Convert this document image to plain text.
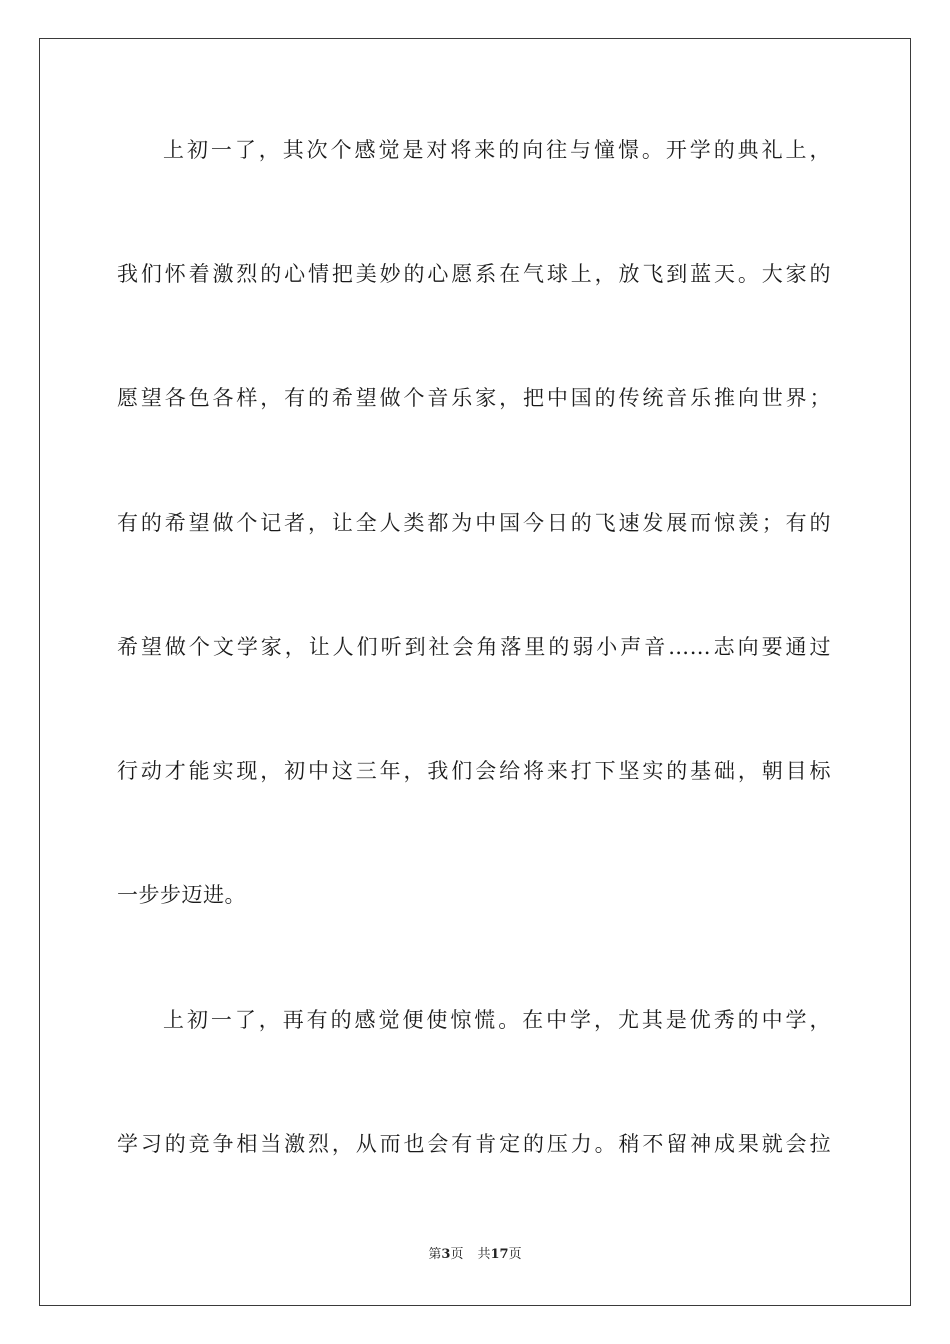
上初一了，其次个感觉是对将来的向往与憧憬。开学的典礼上，
我们怀着激烈的心情把美妙的心愿系在气球上，放飞到蓝天。大家的
愿望各色各样，有的希望做个音乐家，把中国的传统音乐推向世界；
有的希望做个记者，让全人类都为中国今日的飞速发展而惊羡；有的
希望做个文学家，让人们听到社会角落里的弱小声音……志向要通过
行动才能实现，初中这三年，我们会给将来打下坚实的基础，朝目标
一步步迈进。
上初一了，再有的感觉便使惊慌。在中学，尤其是优秀的中学，
学习的竞争相当激烈，从而也会有肯定的压力。稍不留神成果就会拉
第3页 共17页
